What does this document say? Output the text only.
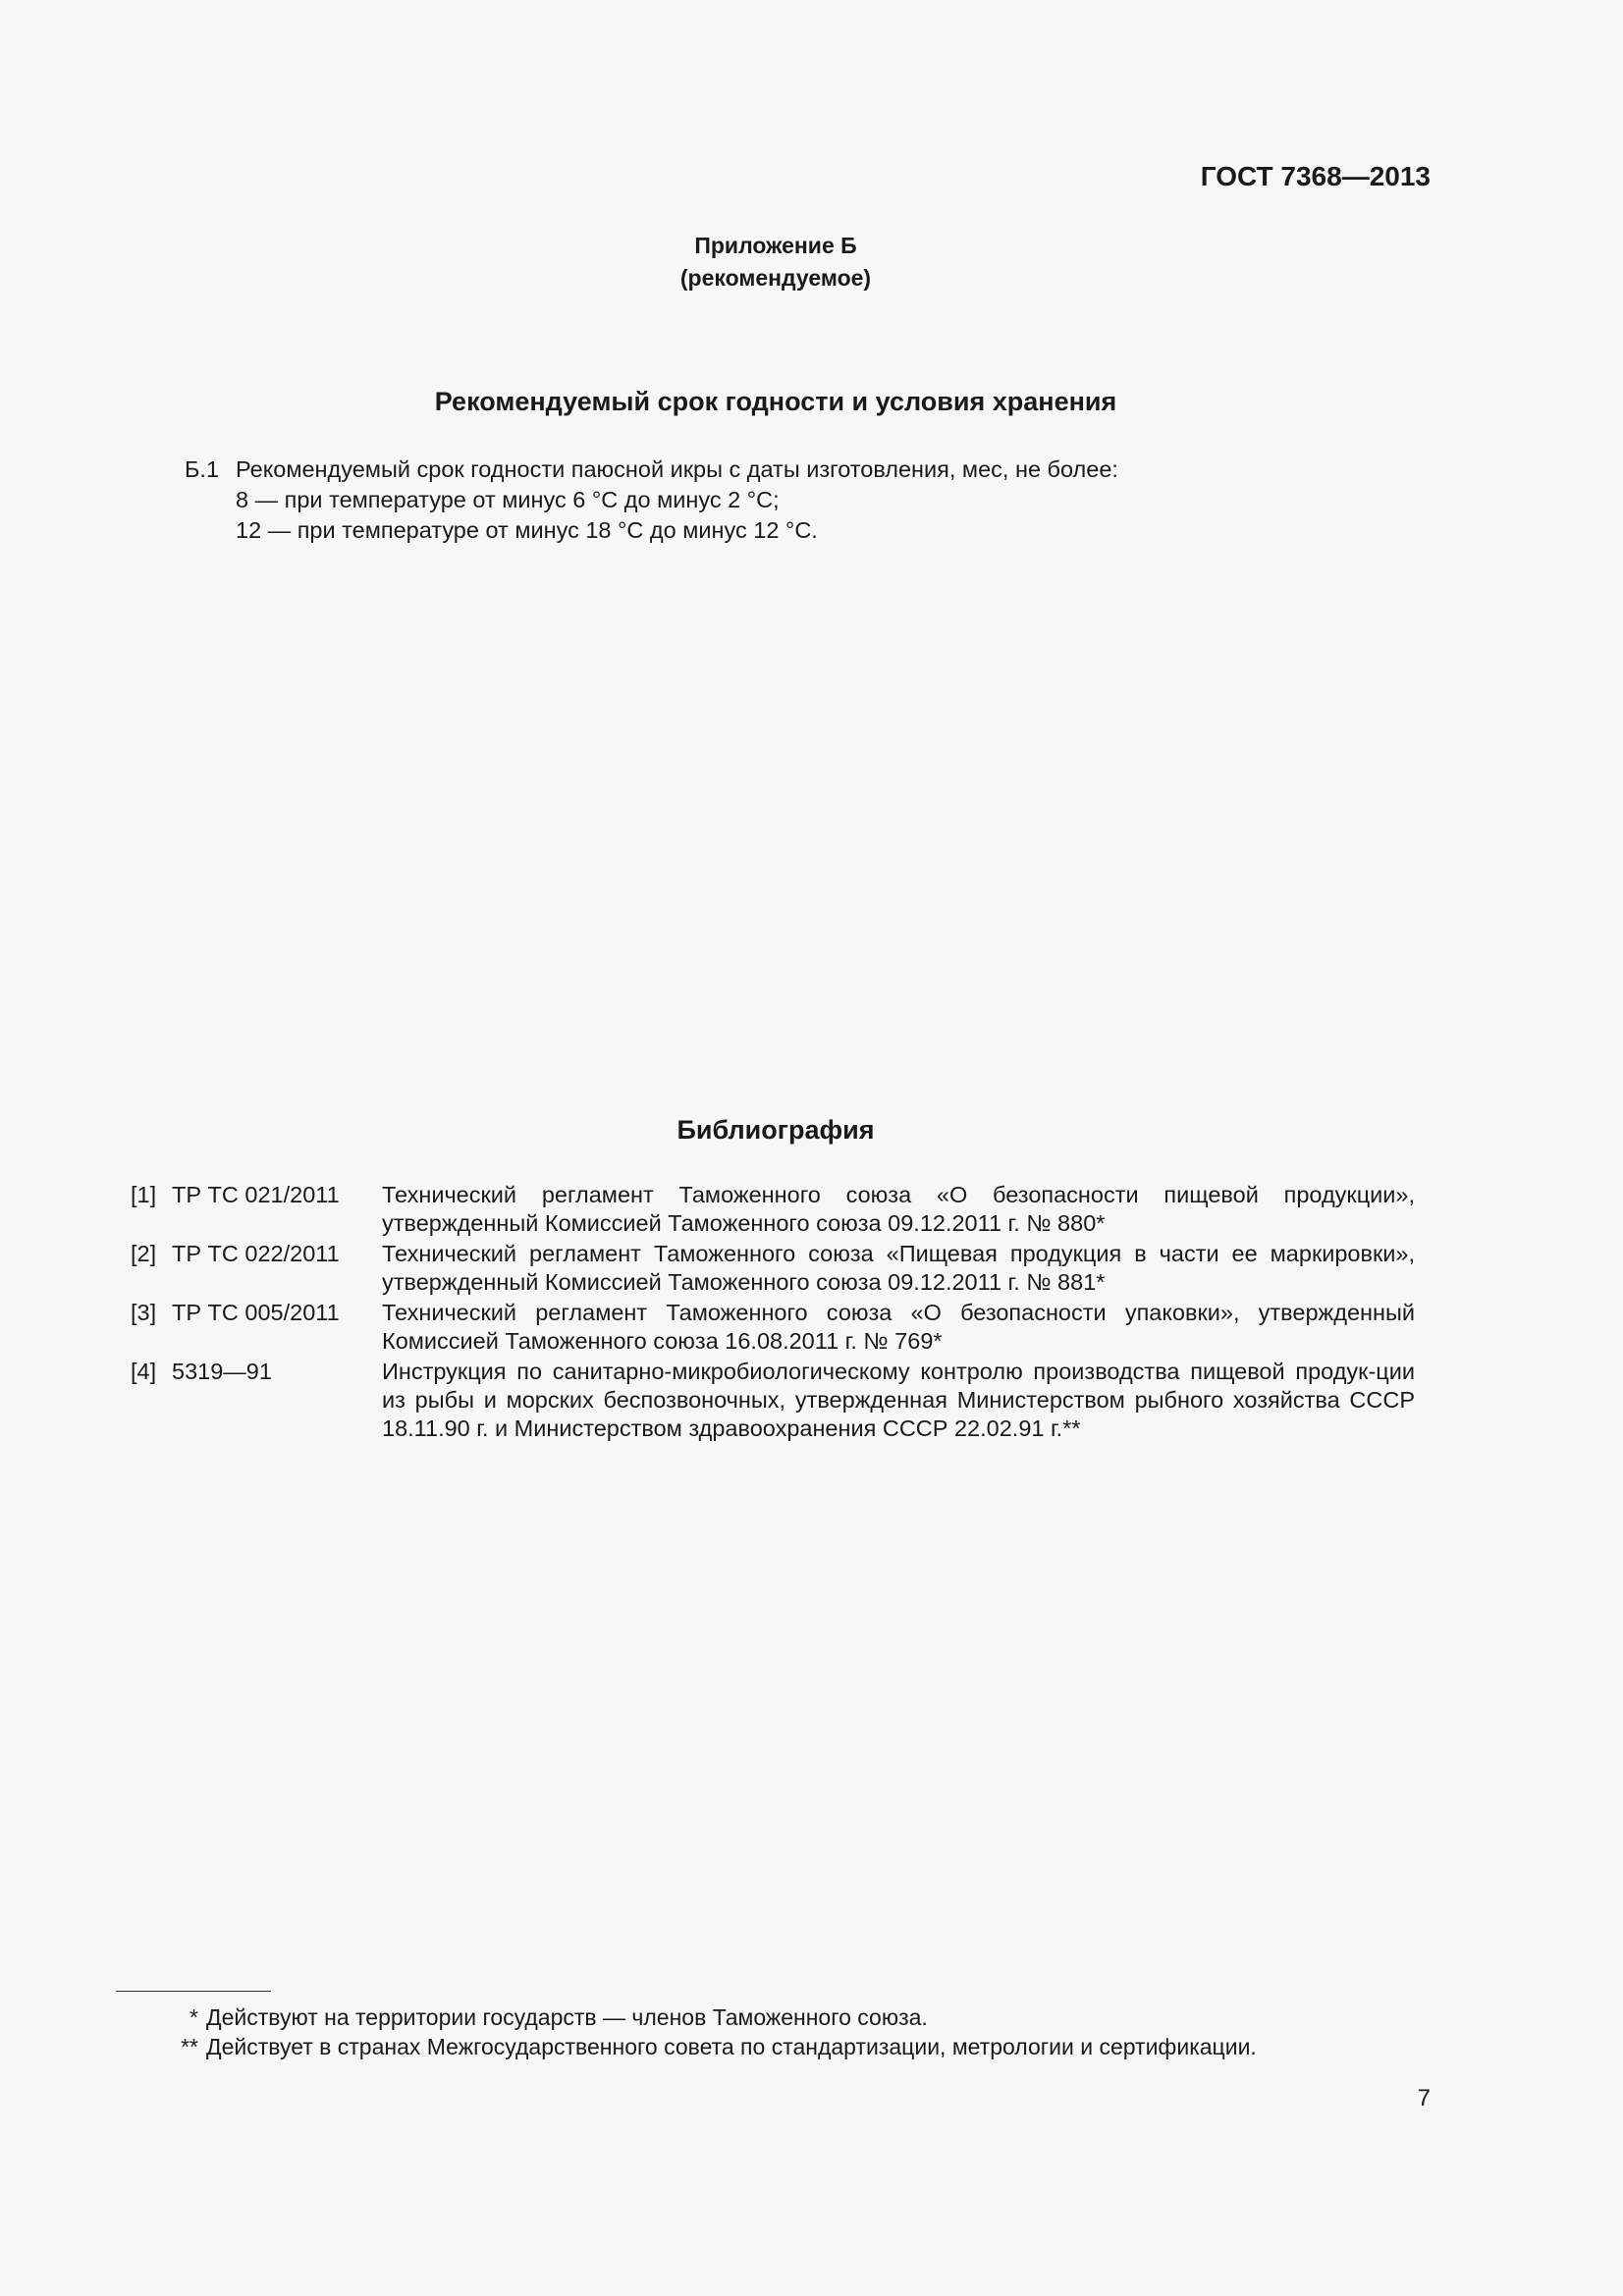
ГОСТ 7368—2013
Приложение Б
(рекомендуемое)
Рекомендуемый срок годности и условия хранения
Б.1 Рекомендуемый срок годности паюсной икры с даты изготовления, мес, не более:
8 — при температуре от минус 6 °С до минус 2 °С;
12 — при температуре от минус 18 °С до минус 12 °С.
Библиография
[1] ТР ТС 021/2011 Технический регламент Таможенного союза «О безопасности пищевой продукции», утвержденный Комиссией Таможенного союза 09.12.2011 г. № 880*
[2] ТР ТС 022/2011 Технический регламент Таможенного союза «Пищевая продукция в части ее маркировки», утвержденный Комиссией Таможенного союза 09.12.2011 г. № 881*
[3] ТР ТС 005/2011 Технический регламент Таможенного союза «О безопасности упаковки», утвержденный Комиссией Таможенного союза 16.08.2011 г. № 769*
[4] 5319—91	Инструкция по санитарно-микробиологическому контролю производства пищевой продук-ции из рыбы и морских беспозвоночных, утвержденная Министерством рыбного хозяйства СССР 18.11.90 г. и Министерством здравоохранения СССР 22.02.91 г.**
* Действуют на территории государств — членов Таможенного союза.
** Действует в странах Межгосударственного совета по стандартизации, метрологии и сертификации.
7
